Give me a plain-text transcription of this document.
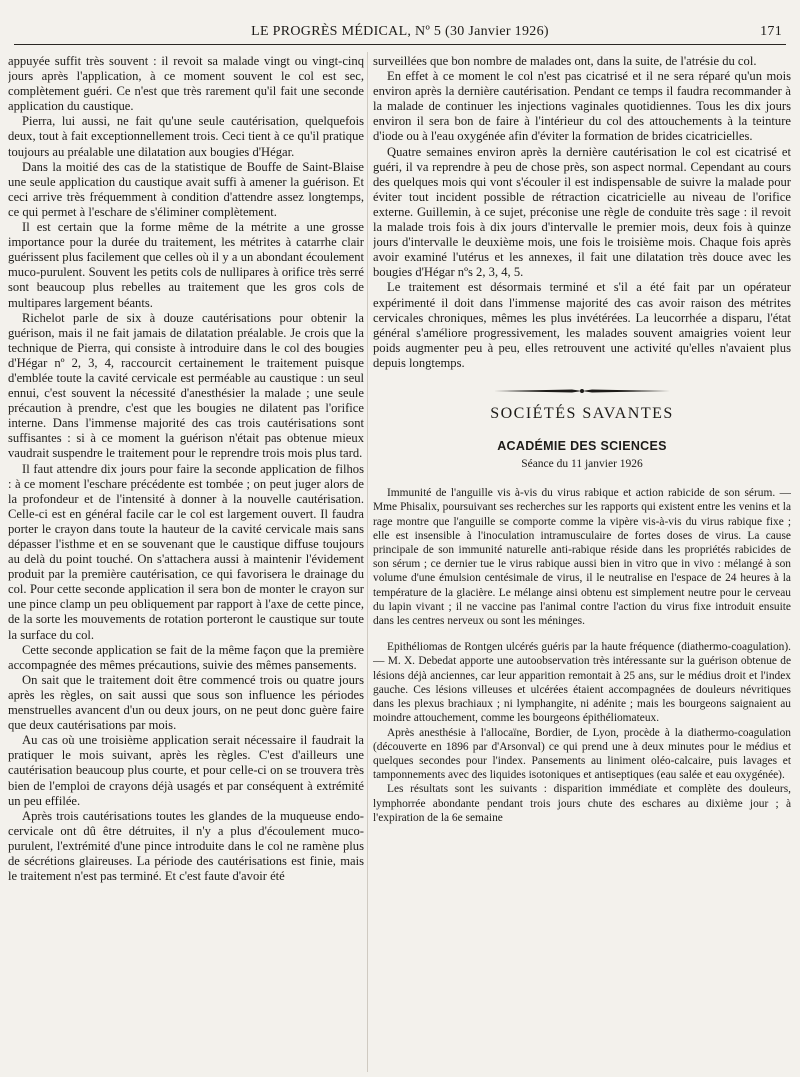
LE PROGRÈS MÉDICAL, Nº 5 (30 Janvier 1926)	171

appuyée suffit très souvent : il revoit sa malade vingt ou vingt-cinq jours après l'application, à ce moment souvent le col est sec, complètement guéri. Ce n'est que très rarement qu'il fait une seconde application du caustique.

Pierra, lui aussi, ne fait qu'une seule cautérisation, quelquefois deux, tout à fait exceptionnellement trois. Ceci tient à ce qu'il pratique toujours au préalable une dilatation aux bougies d'Hégar.

Dans la moitié des cas de la statistique de Bouffe de Saint-Blaise une seule application du caustique avait suffi à amener la guérison. Et ceci arrive très fréquemment à condition d'attendre assez longtemps, ce qui permet à l'eschare de s'éliminer complètement.

Il est certain que la forme même de la métrite a une grosse importance pour la durée du traitement, les métrites à catarrhe clair guérissent plus facilement que celles où il y a un abondant écoulement muco-purulent. Souvent les petits cols de nullipares à orifice très serré sont beaucoup plus rebelles au traitement que les gros cols de multipares largement béants.

Richelot parle de six à douze cautérisations pour obtenir la guérison, mais il ne fait jamais de dilatation préalable. Je crois que la technique de Pierra, qui consiste à introduire dans le col des bougies d'Hégar nº 2, 3, 4, raccourcit certainement le traitement puisque d'emblée toute la cavité cervicale est perméable au caustique : un seul ennui, c'est souvent la nécessité d'anesthésier la malade ; une seule précaution à prendre, c'est que les bougies ne dilatent pas l'orifice interne. Dans l'immense majorité des cas trois cautérisations sont suffisantes : si à ce moment la guérison n'était pas obtenue mieux vaudrait suspendre le traitement pour le reprendre trois mois plus tard.

Il faut attendre dix jours pour faire la seconde application de filhos : à ce moment l'eschare précédente est tombée ; on peut juger alors de la profondeur et de l'intensité à donner à la nouvelle cautérisation. Celle-ci est en général facile car le col est largement ouvert. Il faudra porter le crayon dans toute la hauteur de la cavité cervicale mais sans dépasser l'isthme et en se souvenant que le caustique diffuse toujours au delà du point touché. On s'attachera aussi à maintenir l'évidement produit par la première cautérisation, ce qui favorisera le drainage du col. Pour cette seconde application il sera bon de monter le crayon sur une pince clamp un peu obliquement par rapport à l'axe de cette pince, de la sorte les mouvements de rotation porteront le caustique sur toute la surface du col.

Cette seconde application se fait de la même façon que la première accompagnée des mêmes précautions, suivie des mêmes pansements.

On sait que le traitement doit être commencé trois ou quatre jours après les règles, on sait aussi que sous son influence les périodes menstruelles avancent d'un ou deux jours, on ne peut donc guère faire que deux cautérisations par mois.

Au cas où une troisième application serait nécessaire il faudrait la pratiquer le mois suivant, après les règles. C'est d'ailleurs une cautérisation beaucoup plus courte, et pour celle-ci on se trouvera très bien de l'emploi de crayons déjà usagés et par conséquent à extrémité un peu effilée.

Après trois cautérisations toutes les glandes de la muqueuse endo-cervicale ont dû être détruites, il n'y a plus d'écoulement muco-purulent, l'extrémité d'une pince introduite dans le col ne ramène plus de sécrétions glaireuses. La période des cautérisations est finie, mais le traitement n'est pas terminé. Et c'est faute d'avoir été

surveillées que bon nombre de malades ont, dans la suite, de l'atrésie du col.

En effet à ce moment le col n'est pas cicatrisé et il ne sera réparé qu'un mois environ après la dernière cautérisation. Pendant ce temps il faudra recommander à la malade de continuer les injections vaginales quotidiennes. Tous les dix jours environ il sera bon de faire à l'intérieur du col des attouchements à la teinture d'iode ou à l'eau oxygénée afin d'éviter la formation de brides cicatricielles.

Quatre semaines environ après la dernière cautérisation le col est cicatrisé et guéri, il va reprendre à peu de chose près, son aspect normal. Cependant au cours des quelques mois qui vont s'écouler il est indispensable de suivre la malade pour éviter tout incident possible de rétraction cicatricielle au niveau de l'orifice externe. Guillemin, à ce sujet, préconise une règle de conduite très sage : il revoit la malade trois fois à dix jours d'intervalle le premier mois, deux fois à quinze jours d'intervalle le deuxième mois, une fois le troisième mois. Chaque fois après avoir examiné l'utérus et les annexes, il fait une dilatation très douce avec les bougies d'Hégar nºs 2, 3, 4, 5.

Le traitement est désormais terminé et s'il a été fait par un opérateur expérimenté il doit dans l'immense majorité des cas avoir raison des métrites cervicales chroniques, mêmes les plus invétérées. La leucorrhée a disparu, l'état général s'améliore progressivement, les malades souvent amaigries voient leur poids augmenter peu à peu, elles retrouvent une activité qu'elles n'avaient plus depuis longtemps.

SOCIÉTÉS SAVANTES
ACADÉMIE DES SCIENCES
Séance du 11 janvier 1926

Immunité de l'anguille vis à-vis du virus rabique et action rabicide de son sérum. — Mme Phisalix, poursuivant ses recherches sur les rapports qui existent entre les venins et la rage montre que l'anguille se comporte comme la vipère vis-à-vis du virus rabique fixe ; elle est insensible à l'inoculation intramusculaire de fortes doses de virus. La cause principale de son immunité naturelle anti-rabique réside dans les propriétés rabicides de son sérum ; ce dernier tue le virus rabique aussi bien in vitro que in vivo : mélangé à son volume d'une émulsion centésimale de virus, il le neutralise en l'espace de 24 heures à la température de la glacière. Le mélange ainsi obtenu est simplement neutre pour le cerveau du lapin vivant ; il ne vaccine pas l'animal contre l'action du virus fixe introduit ensuite dans les centres nerveux ou sont les méninges.

Epithéliomas de Rontgen ulcérés guéris par la haute fréquence (diathermo-coagulation). — M. X. Debedat apporte une autoobservation très intéressante sur la guérison obtenue de lésions déjà anciennes, car leur apparition remontait à 25 ans, sur le médius droit et l'index gauche. Ces lésions villeuses et ulcérées étaient accompagnées de douleurs névritiques dans les plexus brachiaux ; ni lymphangite, ni adénite ; mais les bourgeons saignaient au moindre attouchement, comme les bourgeons épithéliomateux.

Après anesthésie à l'allocaïne, Bordier, de Lyon, procède à la diathermo-coagulation (découverte en 1896 par d'Arsonval) ce qui prend une à deux minutes pour le médius et quelques secondes pour l'index. Pansements au liniment oléo-calcaire, puis lavages et tamponnements avec des liquides isotoniques et antiseptiques (eau salée et eau oxygénée).

Les résultats sont les suivants : disparition immédiate et complète des douleurs, lymphorrée abondante pendant trois jours chute des eschares au dixième jour ; à l'expiration de la 6e semaine
